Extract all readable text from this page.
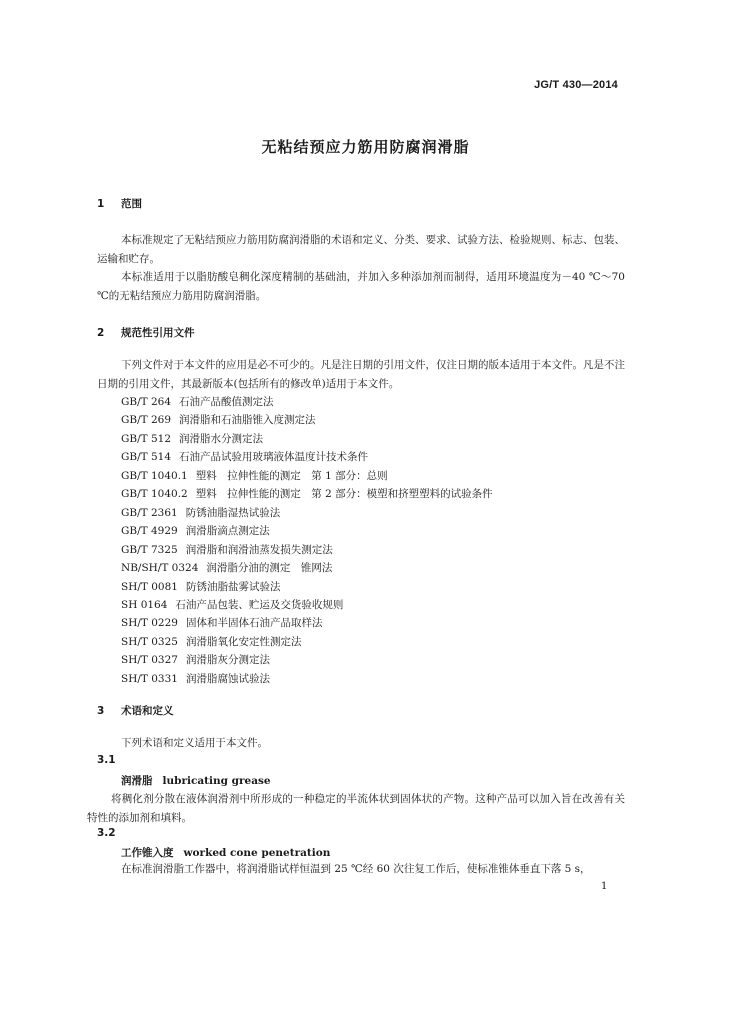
JG/T 430—2014
无粘结预应力筋用防腐润滑脂
1 范围

本标准规定了无粘结预应力筋用防腐润滑脂的术语和定义、分类、要求、试验方法、检验规则、标志、包装、运输和贮存。

本标准适用于以脂肪酸皂稠化深度精制的基础油，并加入多种添加剂而制得，适用环境温度为－40 ℃～70 ℃的无粘结预应力筋用防腐润滑脂。

2 规范性引用文件

下列文件对于本文件的应用是必不可少的。凡是注日期的引用文件，仅注日期的版本适用于本文件。凡是不注日期的引用文件，其最新版本(包括所有的修改单)适用于本文件。

GB/T 264 石油产品酸值测定法
GB/T 269 润滑脂和石油脂锥入度测定法
GB/T 512 润滑脂水分测定法
GB/T 514 石油产品试验用玻璃液体温度计技术条件
GB/T 1040.1 塑料　拉伸性能的测定　第 1 部分：总则
GB/T 1040.2 塑料　拉伸性能的测定　第 2 部分：模塑和挤塑塑料的试验条件
GB/T 2361 防锈油脂湿热试验法
GB/T 4929 润滑脂滴点测定法
GB/T 7325 润滑脂和润滑油蒸发损失测定法
NB/SH/T 0324 润滑脂分油的测定　锥网法
SH/T 0081 防锈油脂盐雾试验法
SH 0164 石油产品包装、贮运及交货验收规则
SH/T 0229 固体和半固体石油产品取样法
SH/T 0325 润滑脂氧化安定性测定法
SH/T 0327 润滑脂灰分测定法
SH/T 0331 润滑脂腐蚀试验法
3 术语和定义

下列术语和定义适用于本文件。

3.1
润滑脂 lubricating grease

将稠化剂分散在液体润滑剂中所形成的一种稳定的半流体状到固体状的产物。这种产品可以加入旨在改善有关特性的添加剂和填料。

3.2
工作锥入度 worked cone penetration

在标准润滑脂工作器中，将润滑脂试样恒温到 25 ℃经 60 次往复工作后，使标准锥体垂直下落 5 s，

1
